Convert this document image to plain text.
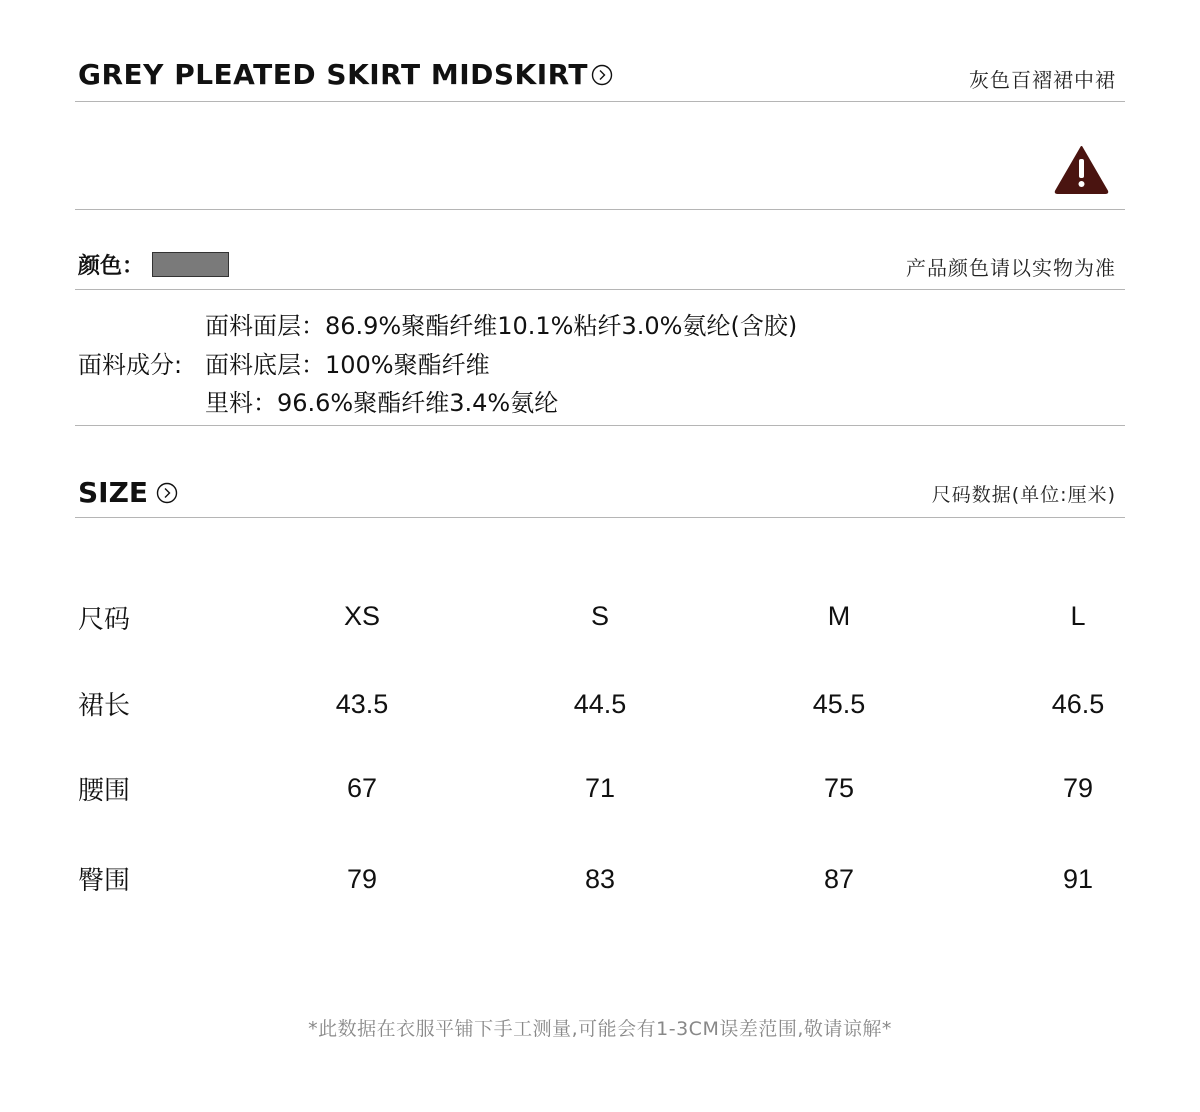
GREY PLEATED SKIRT MIDSKIRT	灰色百褶裙中裙
颜色：	产品颜色请以实物为准
面料成分:
面料面层：86.9%聚酯纤维10.1%粘纤3.0%氨纶(含胶)
面料底层：100%聚酯纤维
里料：96.6%聚酯纤维3.4%氨纶
SIZE	尺码数据(单位:厘米)
尺码	XS	S	M	L
裙长	43.5	44.5	45.5	46.5
腰围	67	71	75	79
臀围	79	83	87	91
*此数据在衣服平铺下手工测量,可能会有1-3CM误差范围,敬请谅解*
